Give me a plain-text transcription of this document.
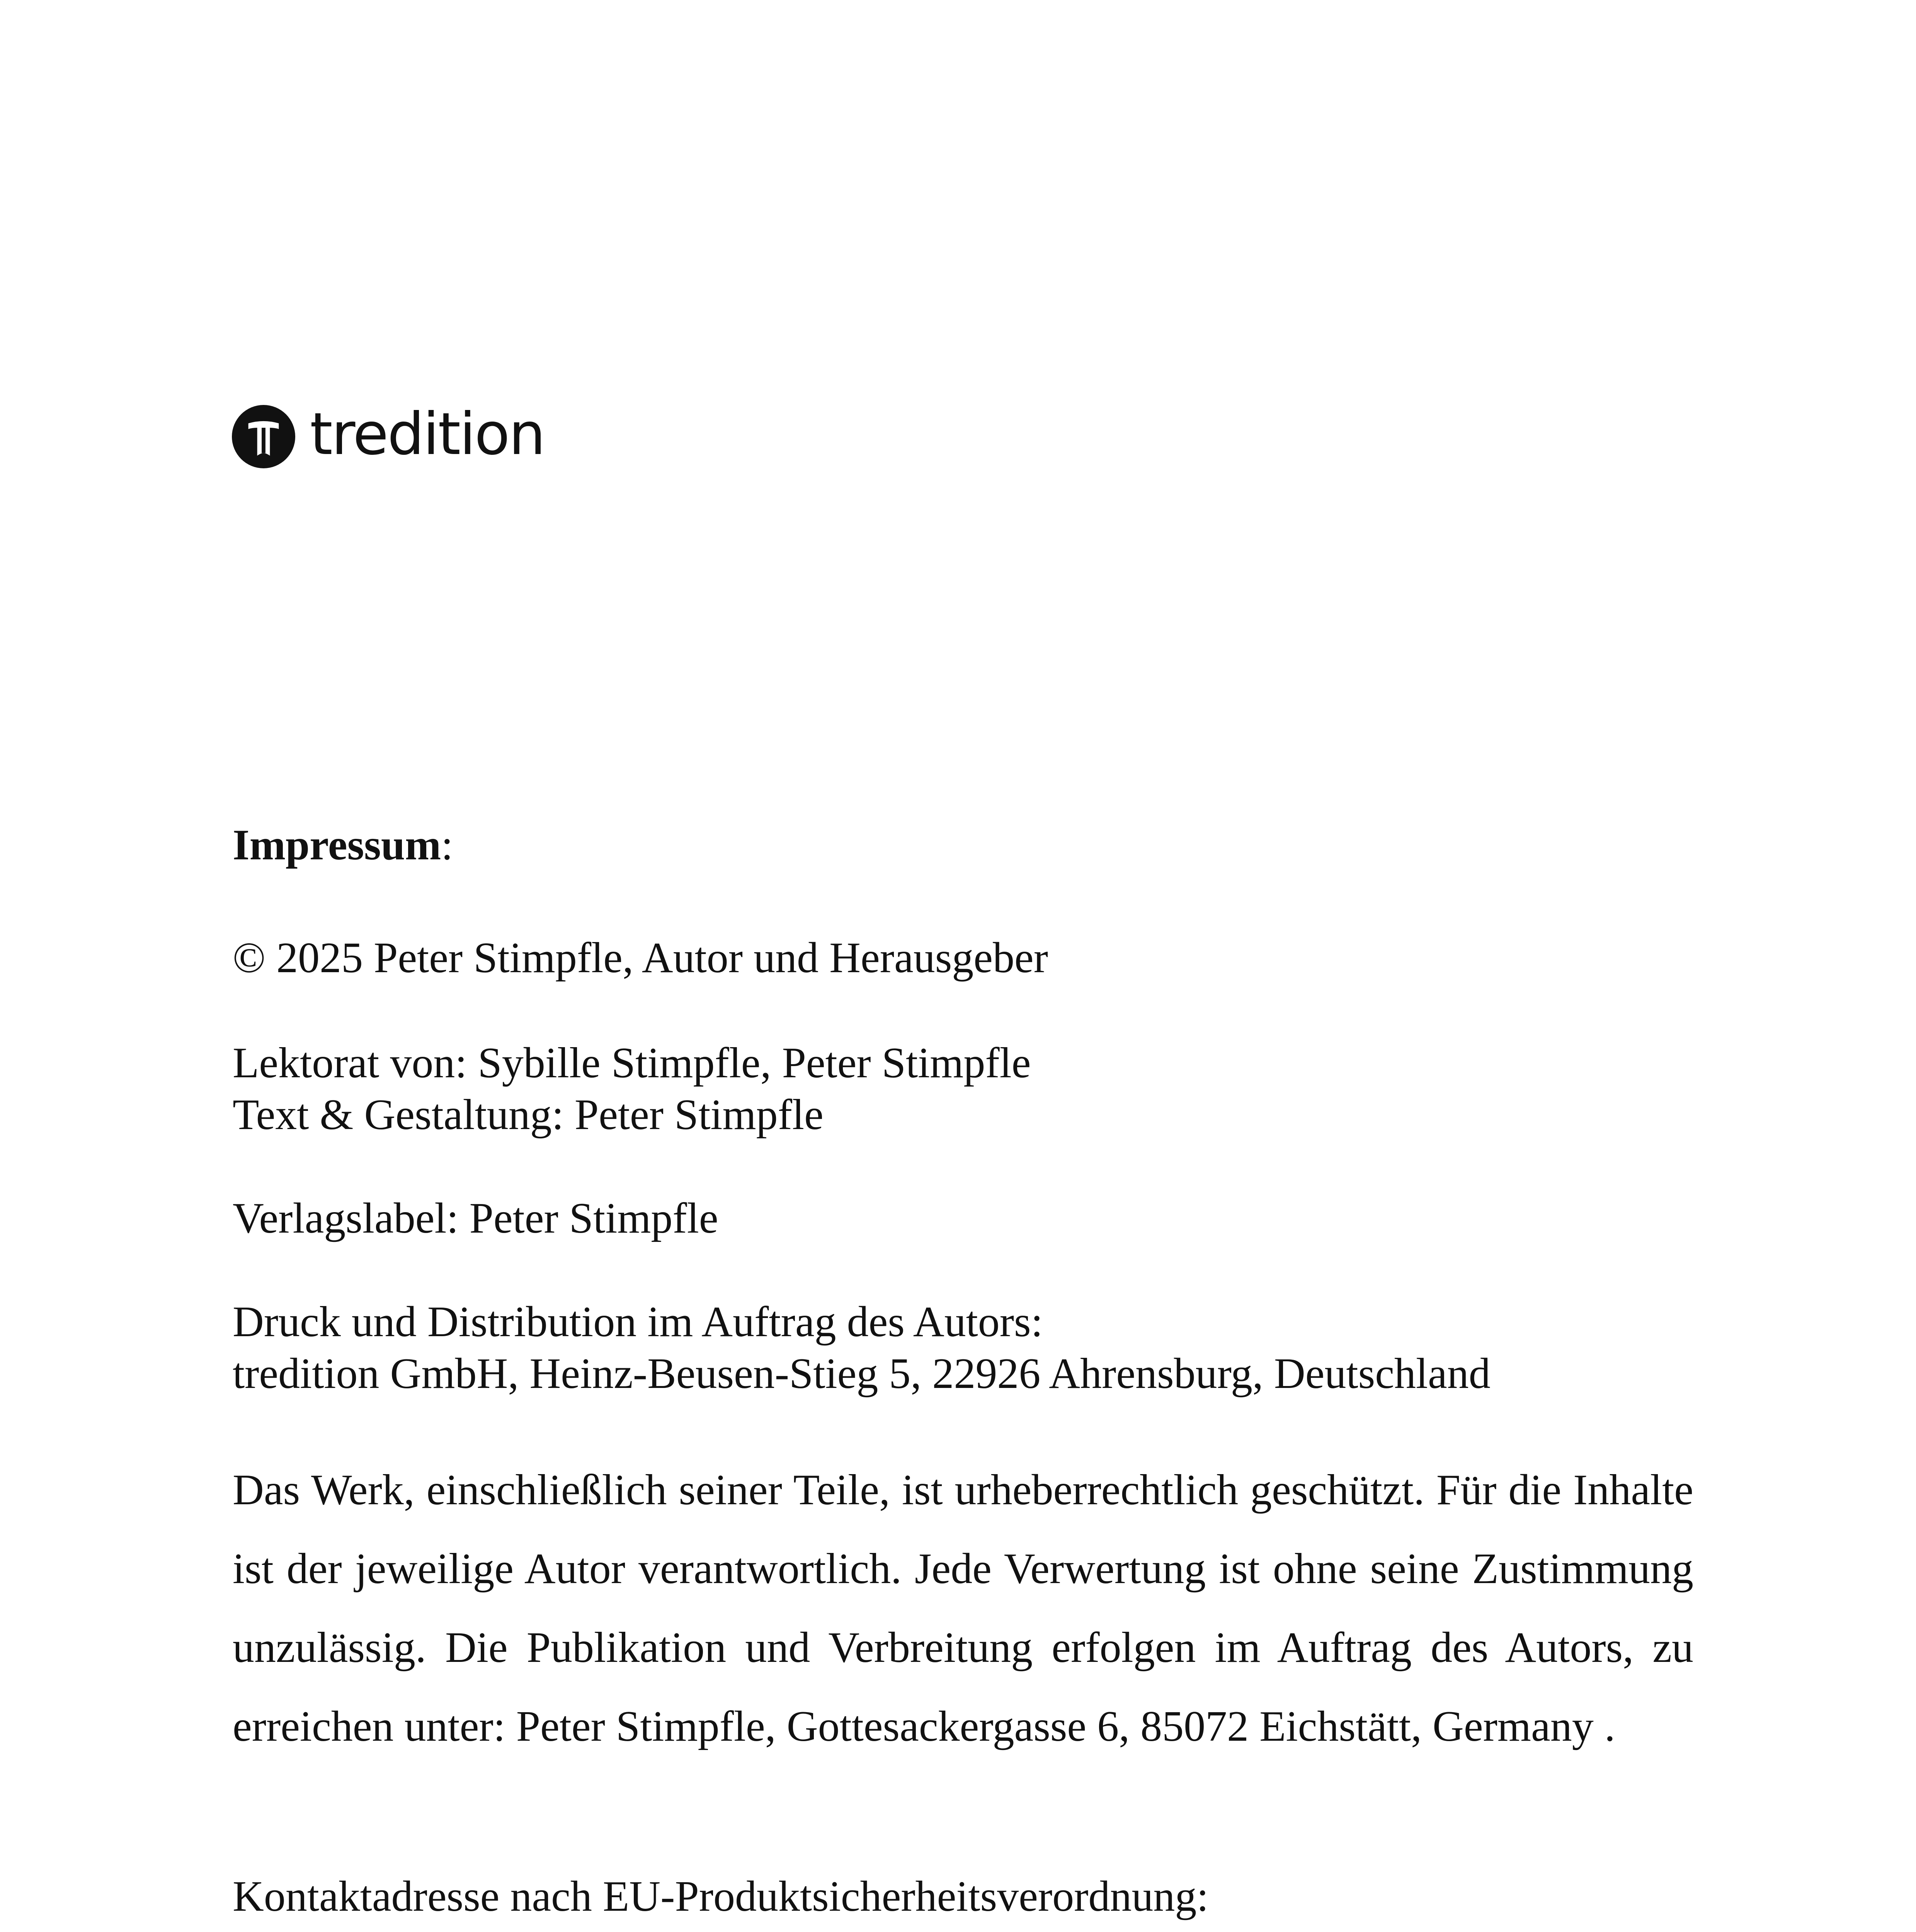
tredition

Impressum:

© 2025 Peter Stimpfle, Autor und Herausgeber

Lektorat von: Sybille Stimpfle, Peter Stimpfle
Text & Gestaltung: Peter Stimpfle

Verlagslabel: Peter Stimpfle

Druck und Distribution im Auftrag des Autors:
tredition GmbH, Heinz-Beusen-Stieg 5, 22926 Ahrensburg, Deutschland

Das Werk, einschließlich seiner Teile, ist urheberrechtlich geschützt. Für die Inhalte ist der jeweilige Autor verantwortlich. Jede Verwertung ist ohne seine Zustimmung unzulässig. Die Publikation und Verbreitung erfolgen im Auftrag des Autors, zu erreichen unter: Peter Stimpfle, Gottesackergasse 6, 85072 Eichstätt, Germany .

Kontaktadresse nach EU-Produktsicherheitsverordnung:
